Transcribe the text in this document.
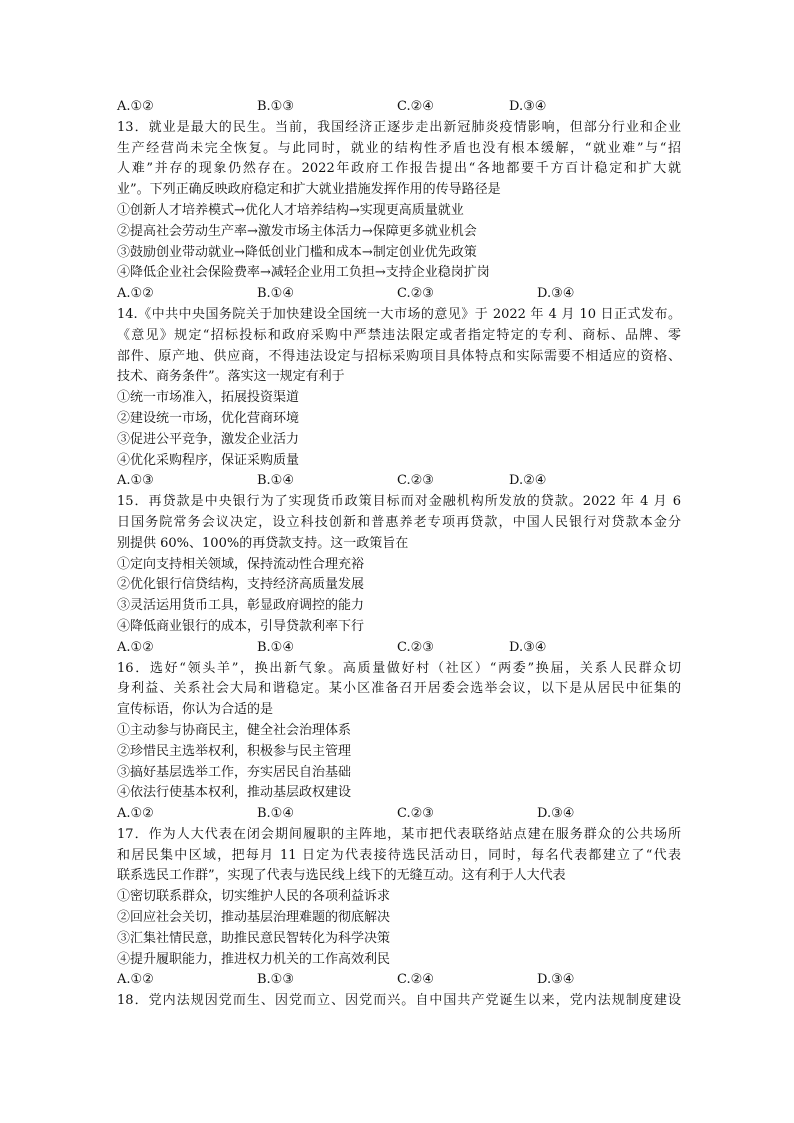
A.①②	B.①③	C.②④	D.③④
13．就业是最大的民生。当前，我国经济正逐步走出新冠肺炎疫情影响，但部分行业和企业
生产经营尚未完全恢复。与此同时，就业的结构性矛盾也没有根本缓解，“就业难”与“招
人难”并存的现象仍然存在。2022年政府工作报告提出“各地都要千方百计稳定和扩大就
业”。下列正确反映政府稳定和扩大就业措施发挥作用的传导路径是
①创新人才培养模式→优化人才培养结构→实现更高质量就业
②提高社会劳动生产率→激发市场主体活力→保障更多就业机会
③鼓励创业带动就业→降低创业门槛和成本→制定创业优先政策
④降低企业社会保险费率→减轻企业用工负担→支持企业稳岗扩岗
A.①②	B.①④	C.②③	D.③④
14.《中共中央国务院关于加快建设全国统一大市场的意见》于 2022 年 4 月 10 日正式发布。
《意见》规定“招标投标和政府采购中严禁违法限定或者指定特定的专利、商标、品牌、零
部件、原产地、供应商，不得违法设定与招标采购项目具体特点和实际需要不相适应的资格、
技术、商务条件”。落实这一规定有利于
①统一市场准入，拓展投资渠道
②建设统一市场，优化营商环境
③促进公平竞争，激发企业活力
④优化采购程序，保证采购质量
A.①③	B.①④	C.②③	D.②④
15．再贷款是中央银行为了实现货币政策目标而对金融机构所发放的贷款。2022 年 4 月 6
日国务院常务会议决定，设立科技创新和普惠养老专项再贷款，中国人民银行对贷款本金分
别提供 60%、100%的再贷款支持。这一政策旨在
①定向支持相关领域，保持流动性合理充裕
②优化银行信贷结构，支持经济高质量发展
③灵活运用货币工具，彰显政府调控的能力
④降低商业银行的成本，引导贷款利率下行
A.①②	B.①④	C.②③	D.③④
16．选好“领头羊”，换出新气象。高质量做好村（社区）“两委”换届，关系人民群众切
身利益、关系社会大局和谐稳定。某小区准备召开居委会选举会议，以下是从居民中征集的
宣传标语，你认为合适的是
①主动参与协商民主，健全社会治理体系
②珍惜民主选举权利，积极参与民主管理
③搞好基层选举工作，夯实居民自治基础
④依法行使基本权利，推动基层政权建设
A.①②	B.①④	C.②③	D.③④
17．作为人大代表在闭会期间履职的主阵地，某市把代表联络站点建在服务群众的公共场所
和居民集中区域，把每月 11 日定为代表接待选民活动日，同时，每名代表都建立了“代表
联系选民工作群”，实现了代表与选民线上线下的无缝互动。这有利于人大代表
①密切联系群众，切实维护人民的各项利益诉求
②回应社会关切，推动基层治理难题的彻底解决
③汇集社情民意，助推民意民智转化为科学决策
④提升履职能力，推进权力机关的工作高效利民
A.①②	B.①③	C.②④	D.③④
18．党内法规因党而生、因党而立、因党而兴。自中国共产党诞生以来，党内法规制度建设
